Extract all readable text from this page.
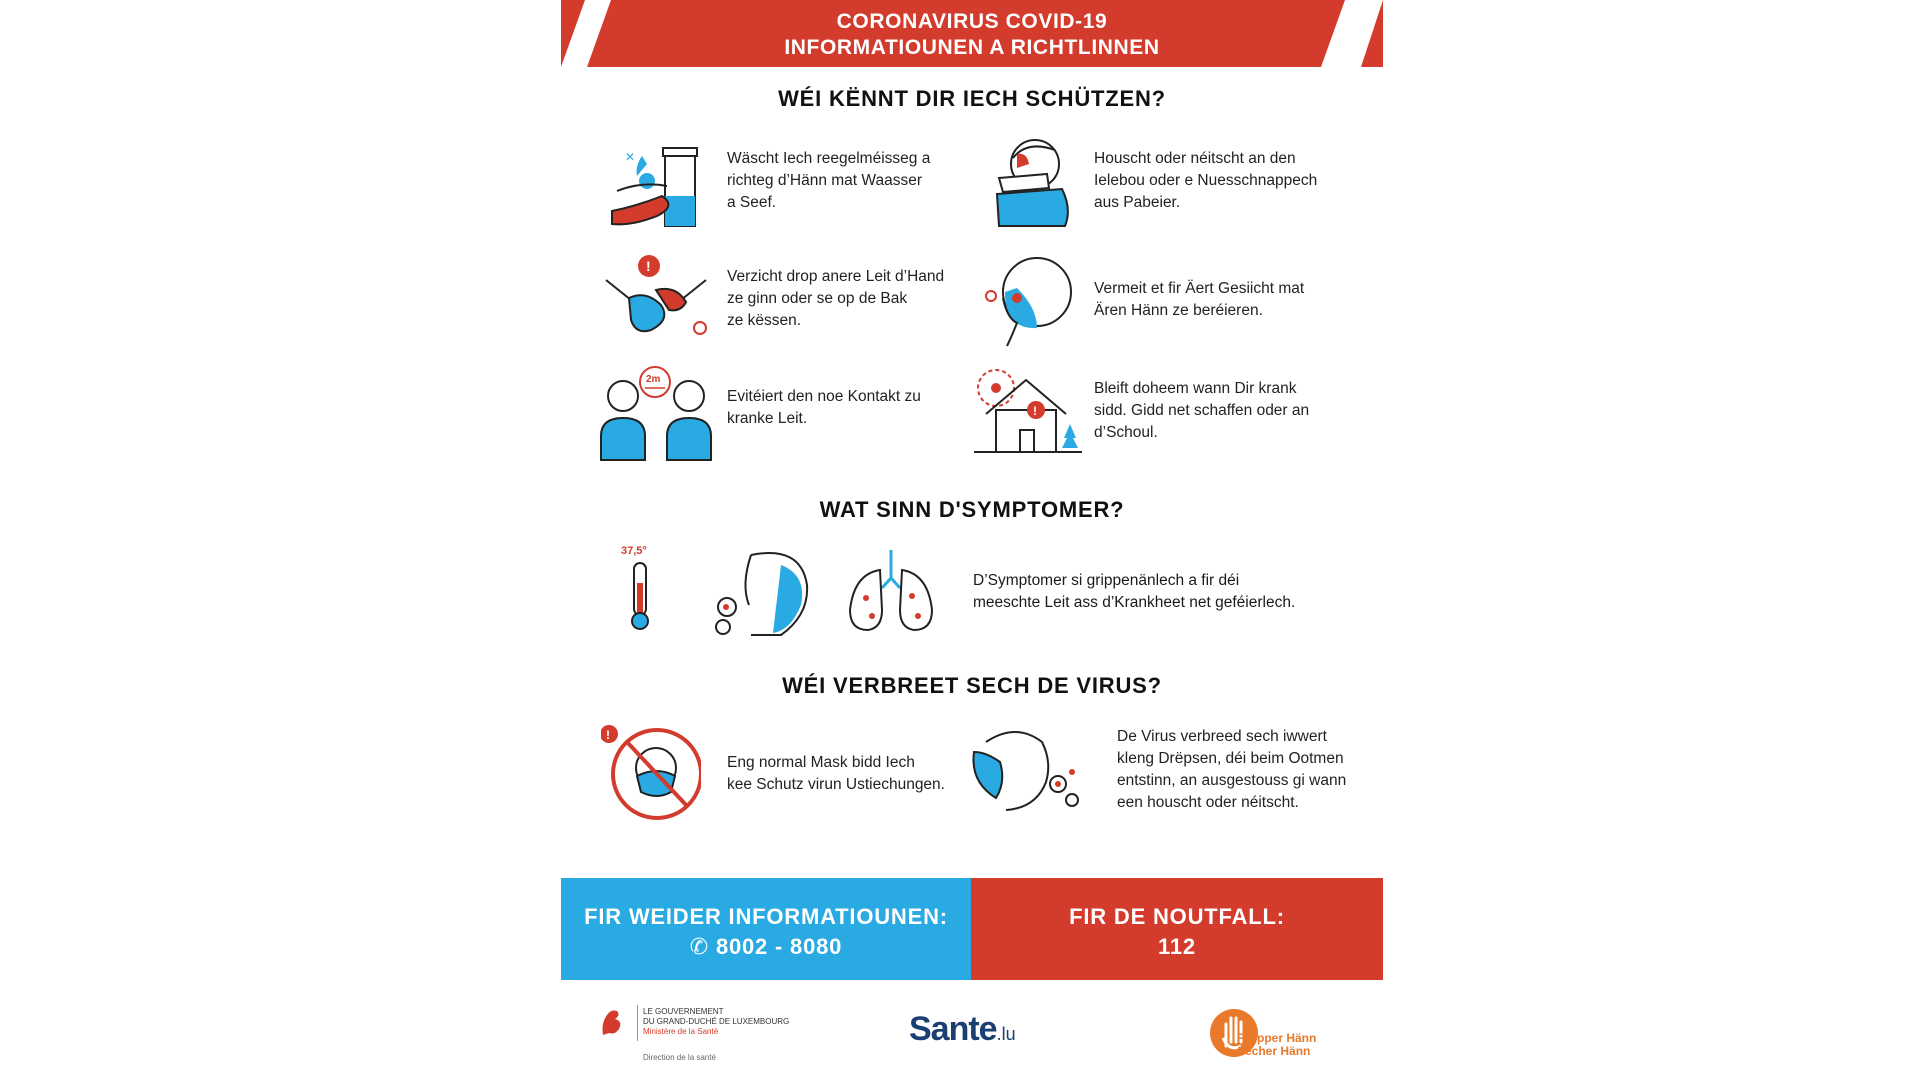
CORONAVIRUS COVID-19
INFORMATIOUNEN A RICHTLINNEN
WÉI KËNNT DIR IECH SCHÜTZEN?
✕	Wäscht Iech reegelméisseg a
richteg d’Hänn mat Waasser
a Seef.
Houscht oder néitscht an den
Ielebou oder e Nuesschnappech
aus Pabeier.
!
Verzicht drop anere Leit d’Hand
ze ginn oder se op de Bak
ze këssen.
Vermeit et fir Äert Gesiicht mat
Ären Hänn ze beréieren.
2m
Evitéiert den noe Kontakt zu
kranke Leit.	!
Bleift doheem wann Dir krank
sidd. Gidd net schaffen oder an
d’Schoul.
WAT SINN D'SYMPTOMER?
37,5°
D’Symptomer si grippenänlech a fir déi
meeschte Leit ass d’Krankheet net geféierlech.
WÉI VERBREET SECH DE VIRUS?
!
Eng normal Mask bidd Iech
kee Schutz virun Ustiechungen.
De Virus verbreed sech iwwert
kleng Drëpsen, déi beim Ootmen
entstinn, an ausgestouss gi wann
een houscht oder néitscht.
FIR WEIDER INFORMATIOUNEN:
✆ 8002 - 8080
FIR DE NOUTFALL:
112
LE GOUVERNEMENT
DU GRAND-DUCHÉ DE LUXEMBOURG
Ministère de la Santé
Direction de la santé
Sante.lu	Propper Hänn
Sécher Hänn
